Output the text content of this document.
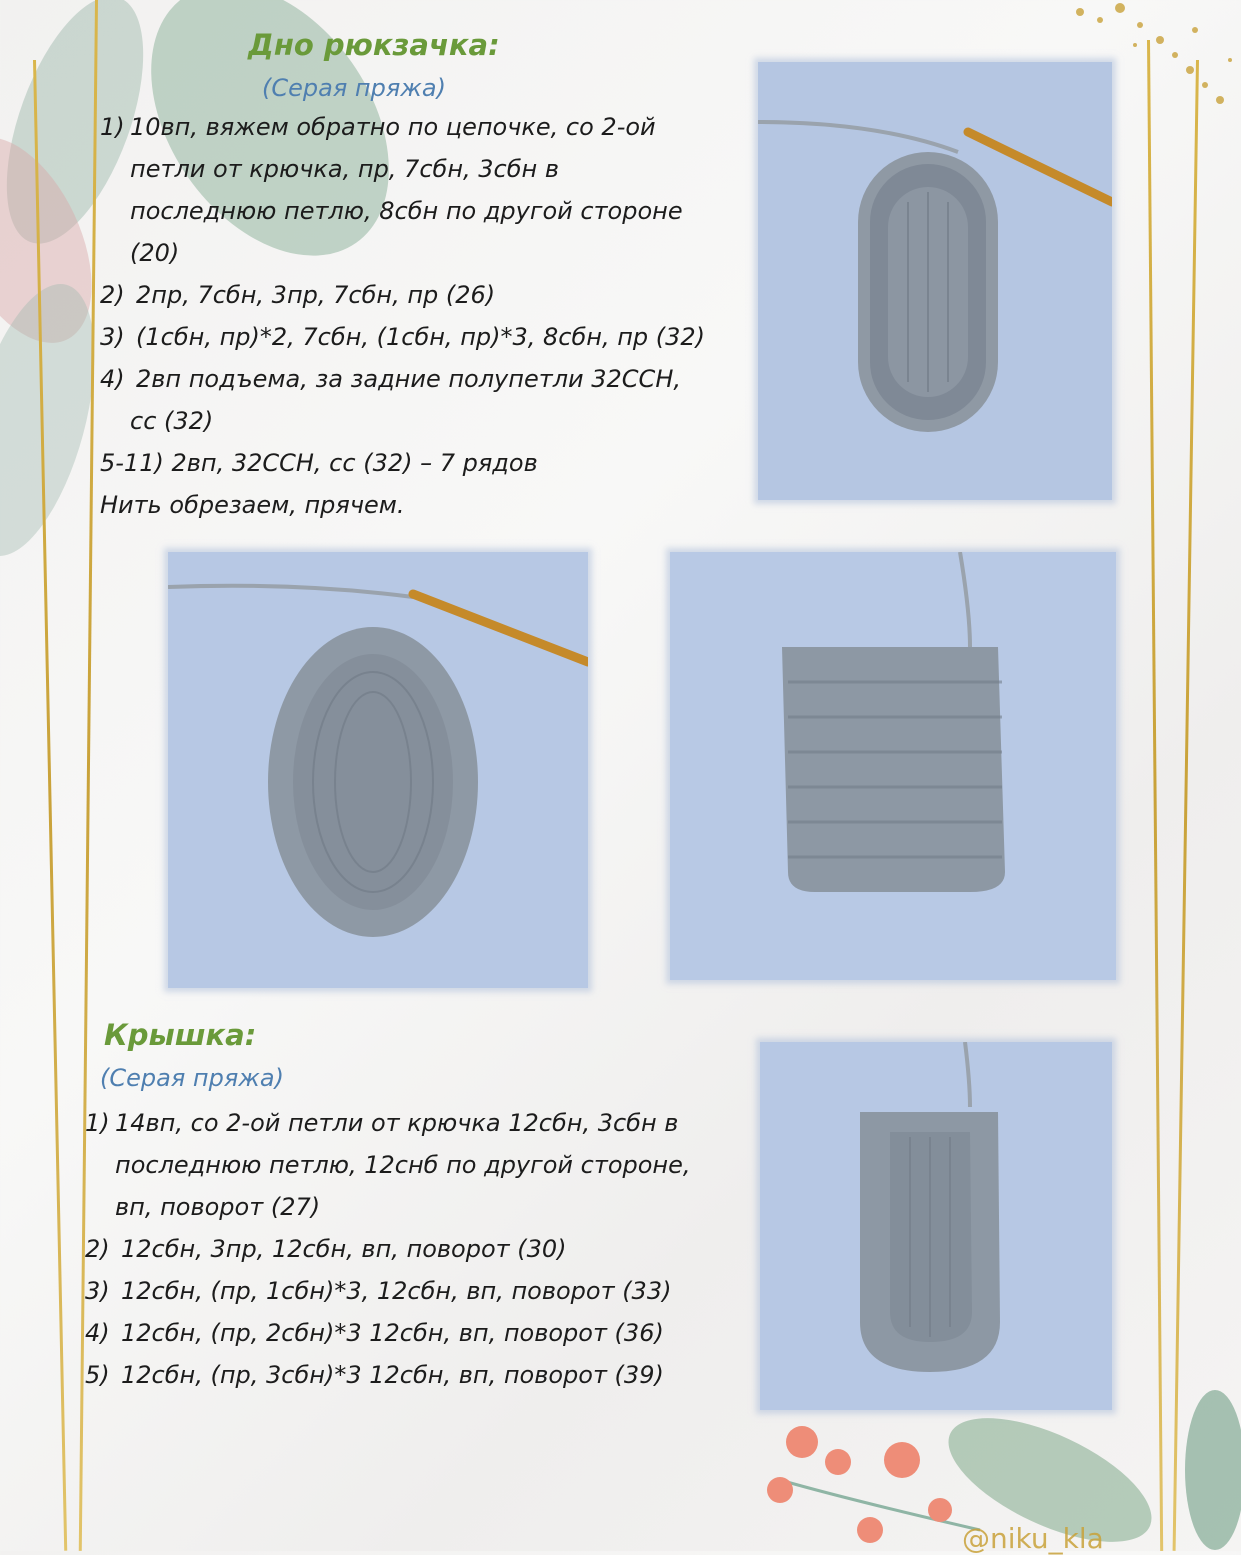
Дно рюкзачка:
(Серая пряжа)
1) 10вп, вяжем обратно по цепочке, со 2-ой
петли от крючка, пр, 7сбн, 3сбн в
последнюю петлю, 8сбн по другой стороне
(20)
2) 2пр, 7сбн, 3пр, 7сбн, пр (26)
3) (1сбн, пр)*2, 7сбн, (1сбн, пр)*3, 8сбн, пр (32)
4) 2вп подъема, за задние полупетли 32ССН,
сс (32)
5-11) 2вп, 32ССН, сс (32) – 7 рядов
Нить обрезаем, прячем.
Крышка:
(Серая пряжа)
1) 14вп, со 2-ой петли от крючка 12сбн, 3сбн в
последнюю петлю, 12снб по другой стороне,
вп, поворот (27)
2) 12сбн, 3пр, 12сбн, вп, поворот (30)
3) 12сбн, (пр, 1сбн)*3, 12сбн, вп, поворот (33)
4) 12сбн, (пр, 2сбн)*3 12сбн, вп, поворот (36)
5) 12сбн, (пр, 3сбн)*3 12сбн, вп, поворот (39)
@niku_kla
